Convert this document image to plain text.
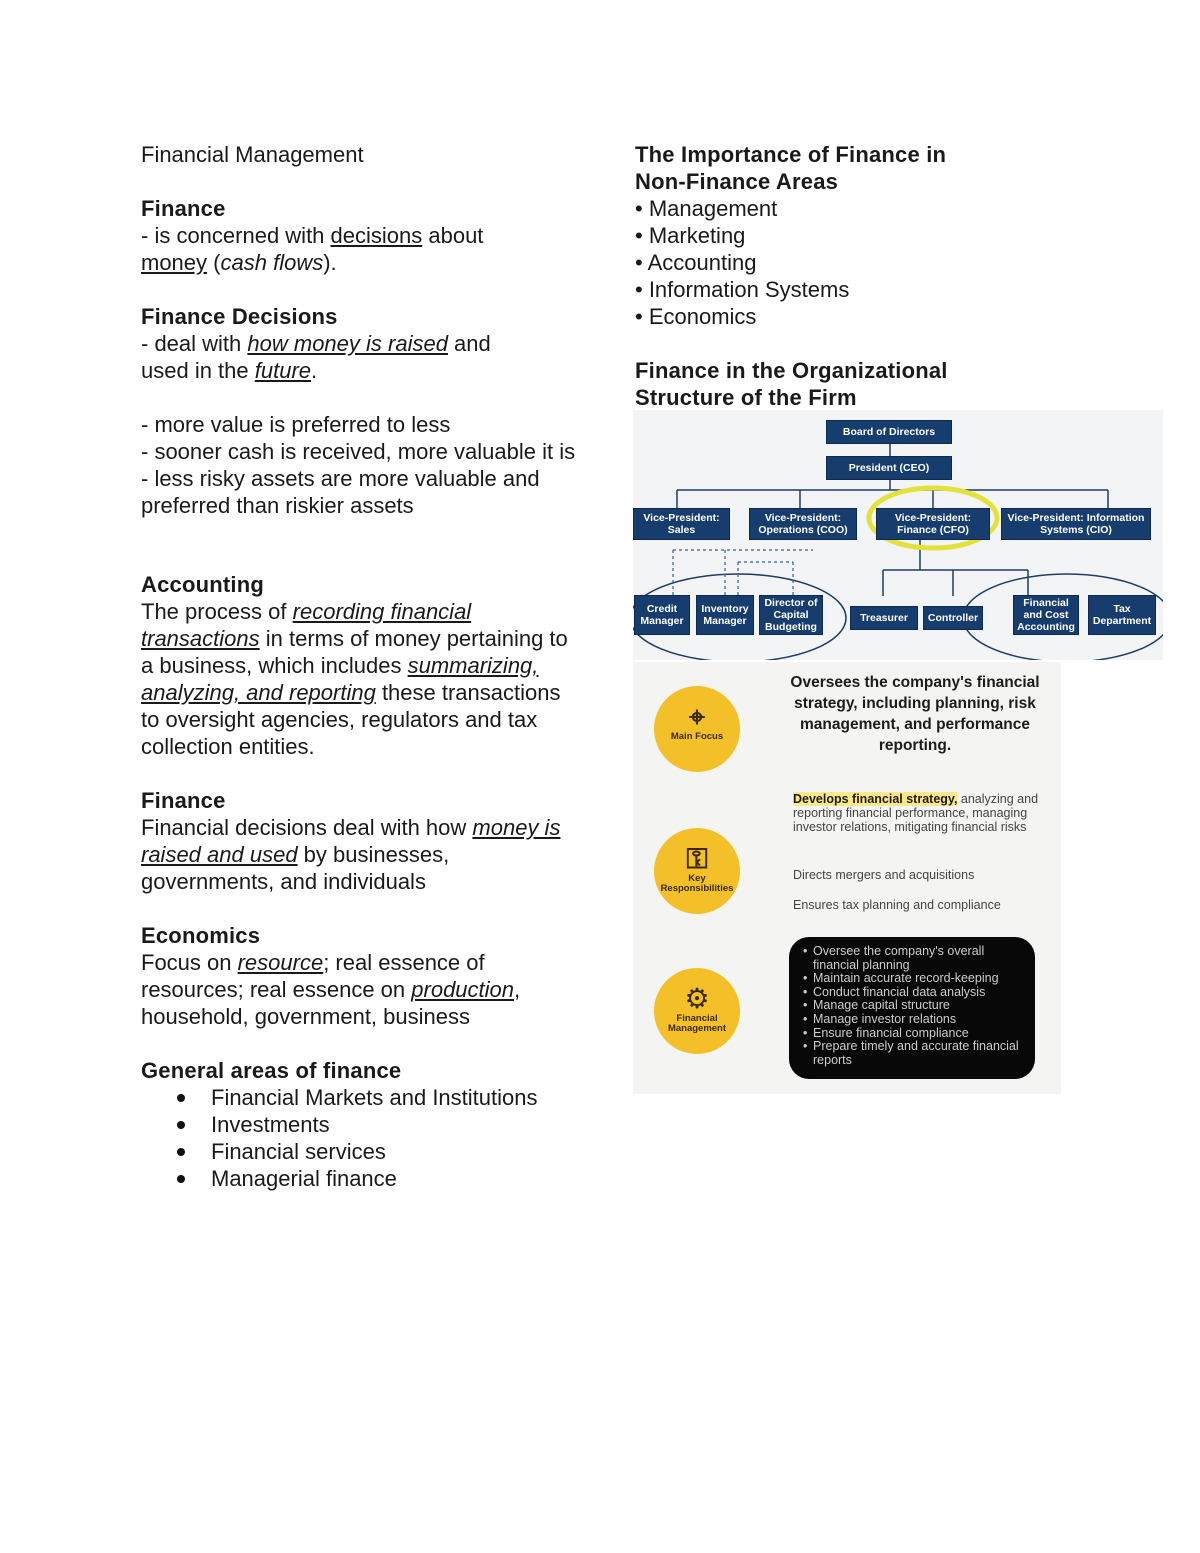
Financial Management

Finance

- is concerned with decisions about
money (cash flows).

Finance Decisions

- deal with how money is raised and
used in the future.

- more value is preferred to less

- sooner cash is received, more valuable it is

- less risky assets are more valuable and preferred than riskier assets

Accounting

The process of recording financial transactions in terms of money pertaining to a business, which includes summarizing, analyzing, and reporting these transactions to oversight agencies, regulators and tax collection entities.

Finance

Financial decisions deal with how money is raised and used by businesses, governments, and individuals

Economics

Focus on resource; real essence of resources; real essence on production, household, government, business

General areas of finance

Financial Markets and Institutions
Investments
Financial services
Managerial finance

The Importance of Finance in

Non-Finance Areas

• Management
• Marketing
• Accounting
• Information Systems
• Economics

Finance in the Organizational

Structure of the Firm

Board of Directors
President (CEO)
Vice-President: Sales
Vice-President: Operations (COO)
Vice-President: Finance (CFO)
Vice-President: Information Systems (CIO)
Credit Manager
Inventory Manager
Director of Capital Budgeting
Treasurer	Controller
Financial and Cost Accounting
Tax Department
⌖
Main Focus
Oversees the company's financial strategy, including planning, risk management, and performance reporting.
⚿
Key Responsibilities
Develops financial strategy, analyzing and reporting financial performance, managing investor relations, mitigating financial risks
Directs mergers and acquisitions
Ensures tax planning and compliance
⚙
Financial Management
• Oversee the company's overall financial planning
• Maintain accurate record-keeping
• Conduct financial data analysis
• Manage capital structure
• Manage investor relations
• Ensure financial compliance
• Prepare timely and accurate financial reports
